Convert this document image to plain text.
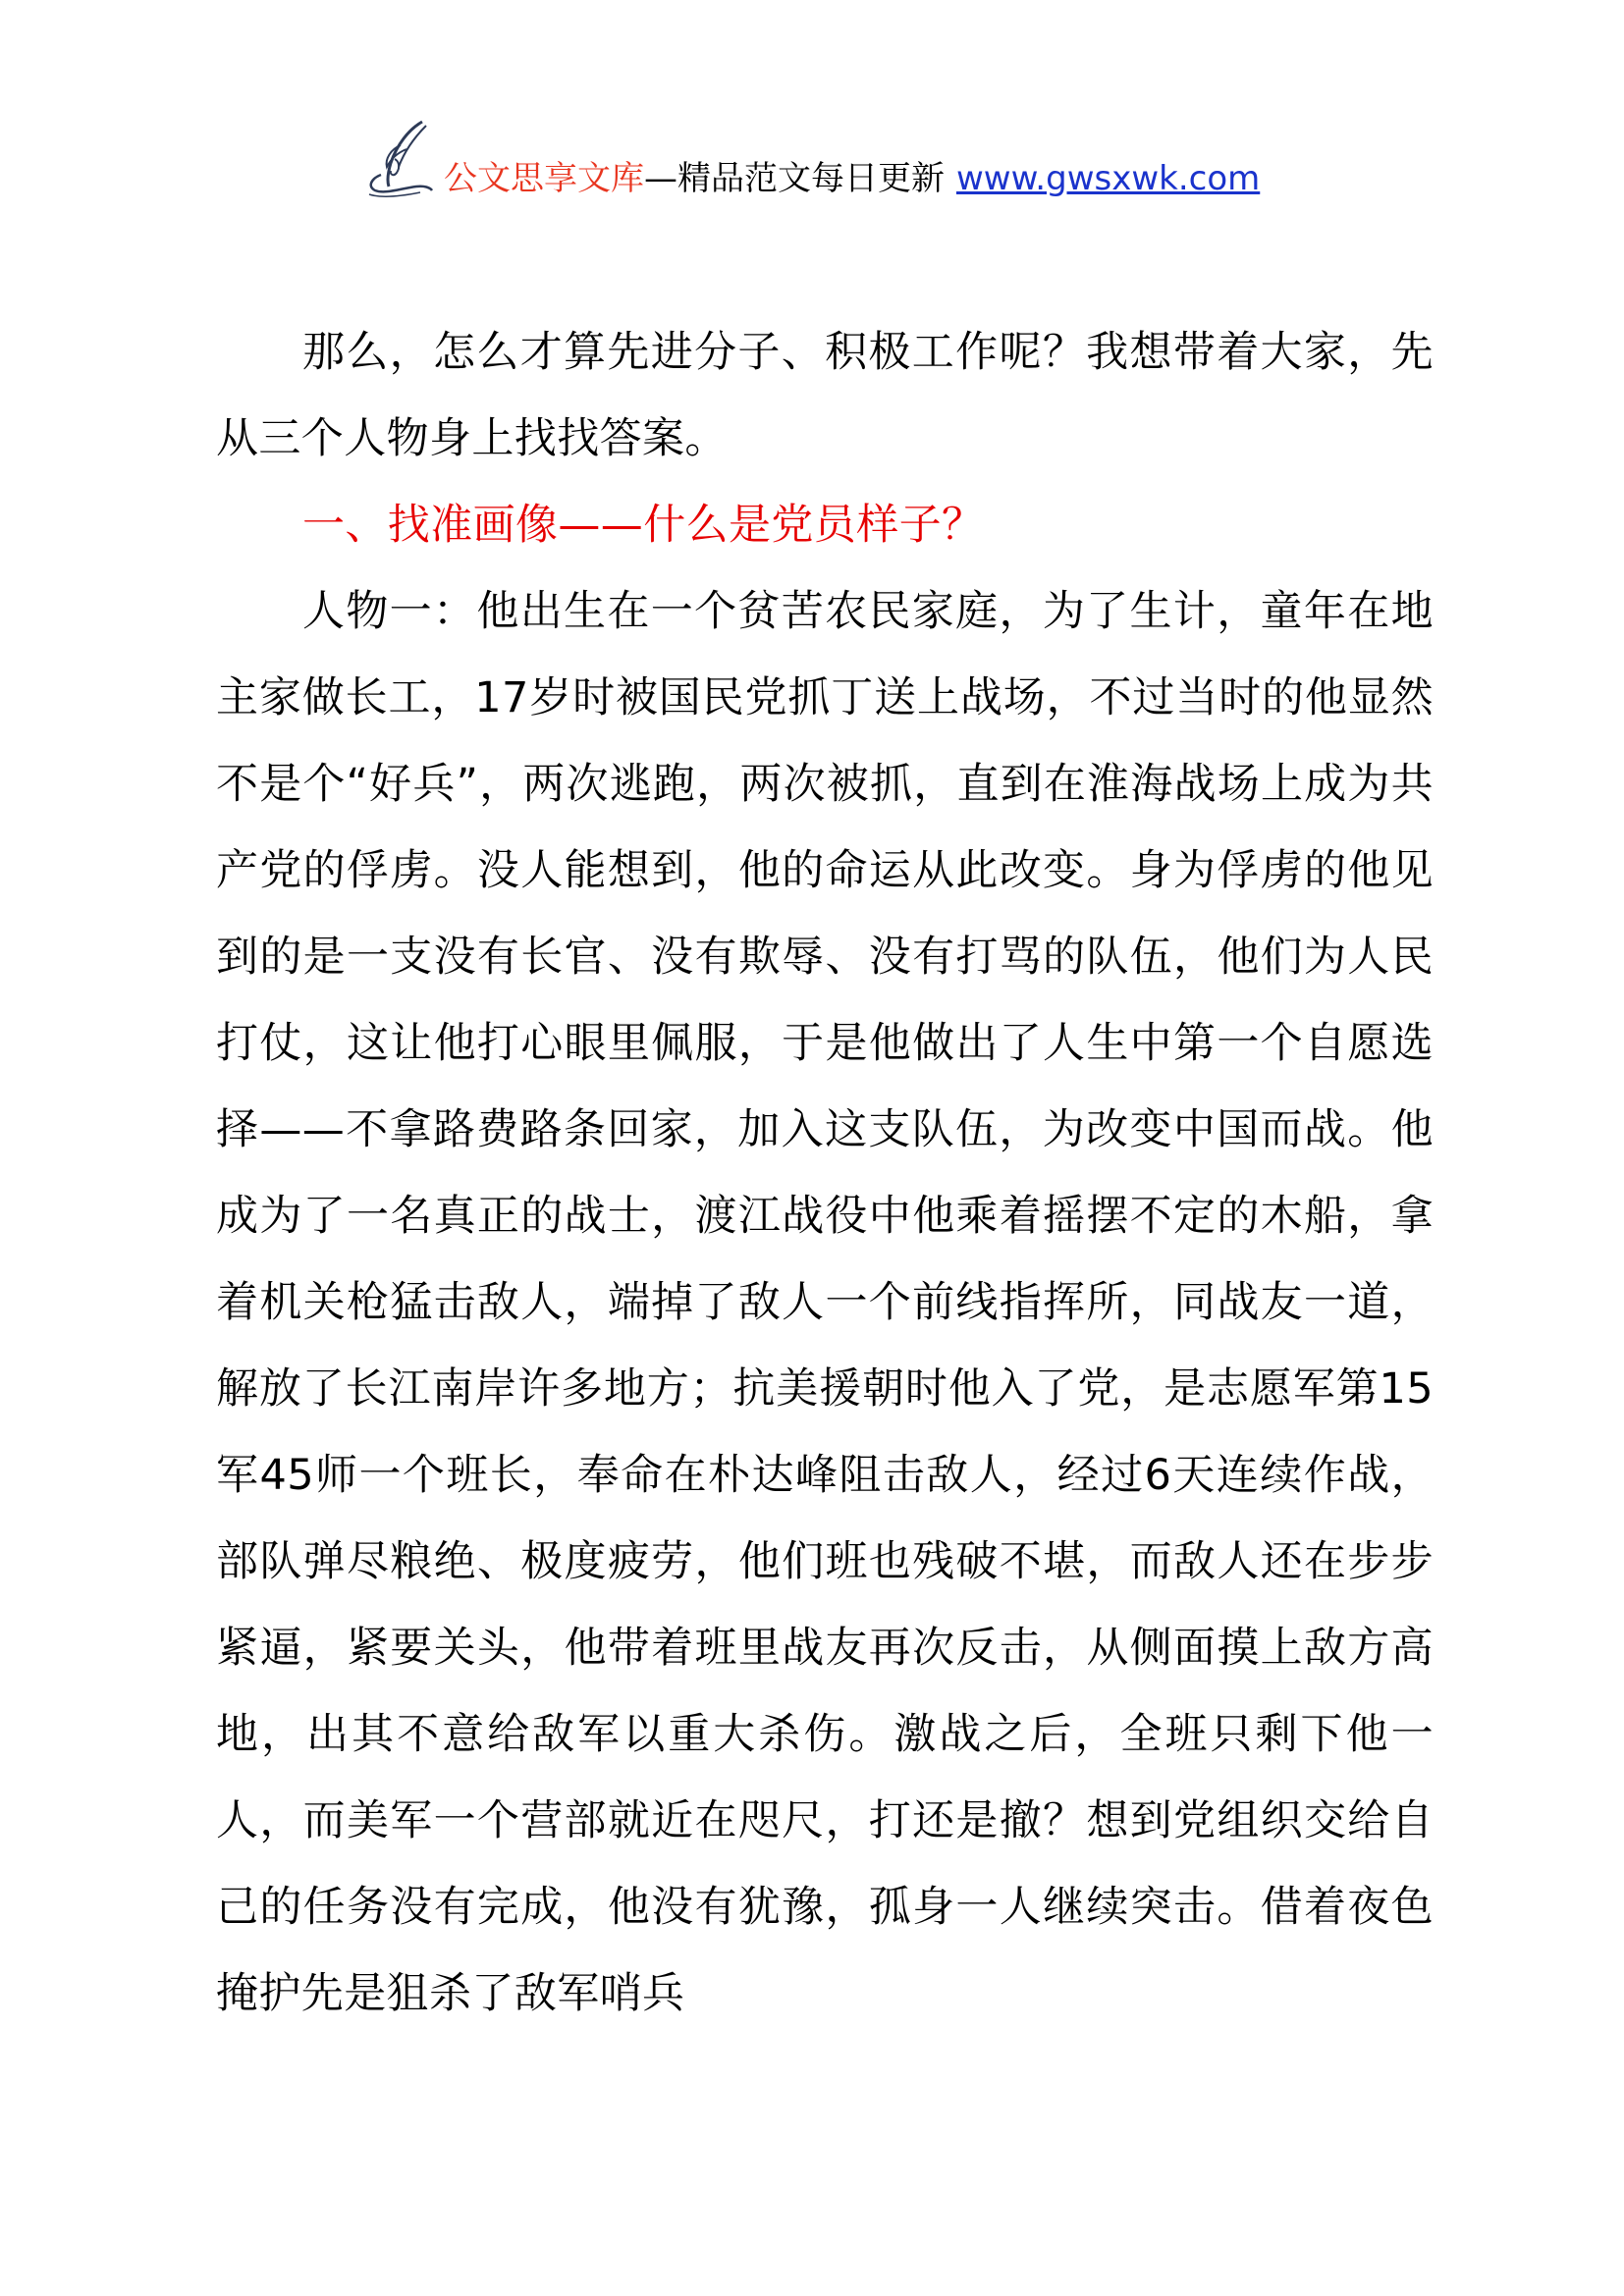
公文思享文库—精品范文每日更新 www.gwsxwk.com

那么，怎么才算先进分子、积极工作呢？我想带着大家，先从三个人物身上找找答案。

一、找准画像——什么是党员样子？

人物一：他出生在一个贫苦农民家庭，为了生计，童年在地主家做长工，17岁时被国民党抓丁送上战场，不过当时的他显然不是个“好兵”，两次逃跑，两次被抓，直到在淮海战场上成为共产党的俘虏。没人能想到，他的命运从此改变。身为俘虏的他见到的是一支没有长官、没有欺辱、没有打骂的队伍，他们为人民打仗，这让他打心眼里佩服，于是他做出了人生中第一个自愿选择——不拿路费路条回家，加入这支队伍，为改变中国而战。他成为了一名真正的战士，渡江战役中他乘着摇摆不定的木船，拿着机关枪猛击敌人，端掉了敌人一个前线指挥所，同战友一道，解放了长江南岸许多地方；抗美援朝时他入了党，是志愿军第15军45师一个班长，奉命在朴达峰阻击敌人，经过6天连续作战，部队弹尽粮绝、极度疲劳，他们班也残破不堪，而敌人还在步步紧逼，紧要关头，他带着班里战友再次反击，从侧面摸上敌方高地，出其不意给敌军以重大杀伤。激战之后，全班只剩下他一人，而美军一个营部就近在咫尺，打还是撤？想到党组织交给自己的任务没有完成，他没有犹豫，孤身一人继续突击。借着夜色掩护先是狙杀了敌军哨兵
